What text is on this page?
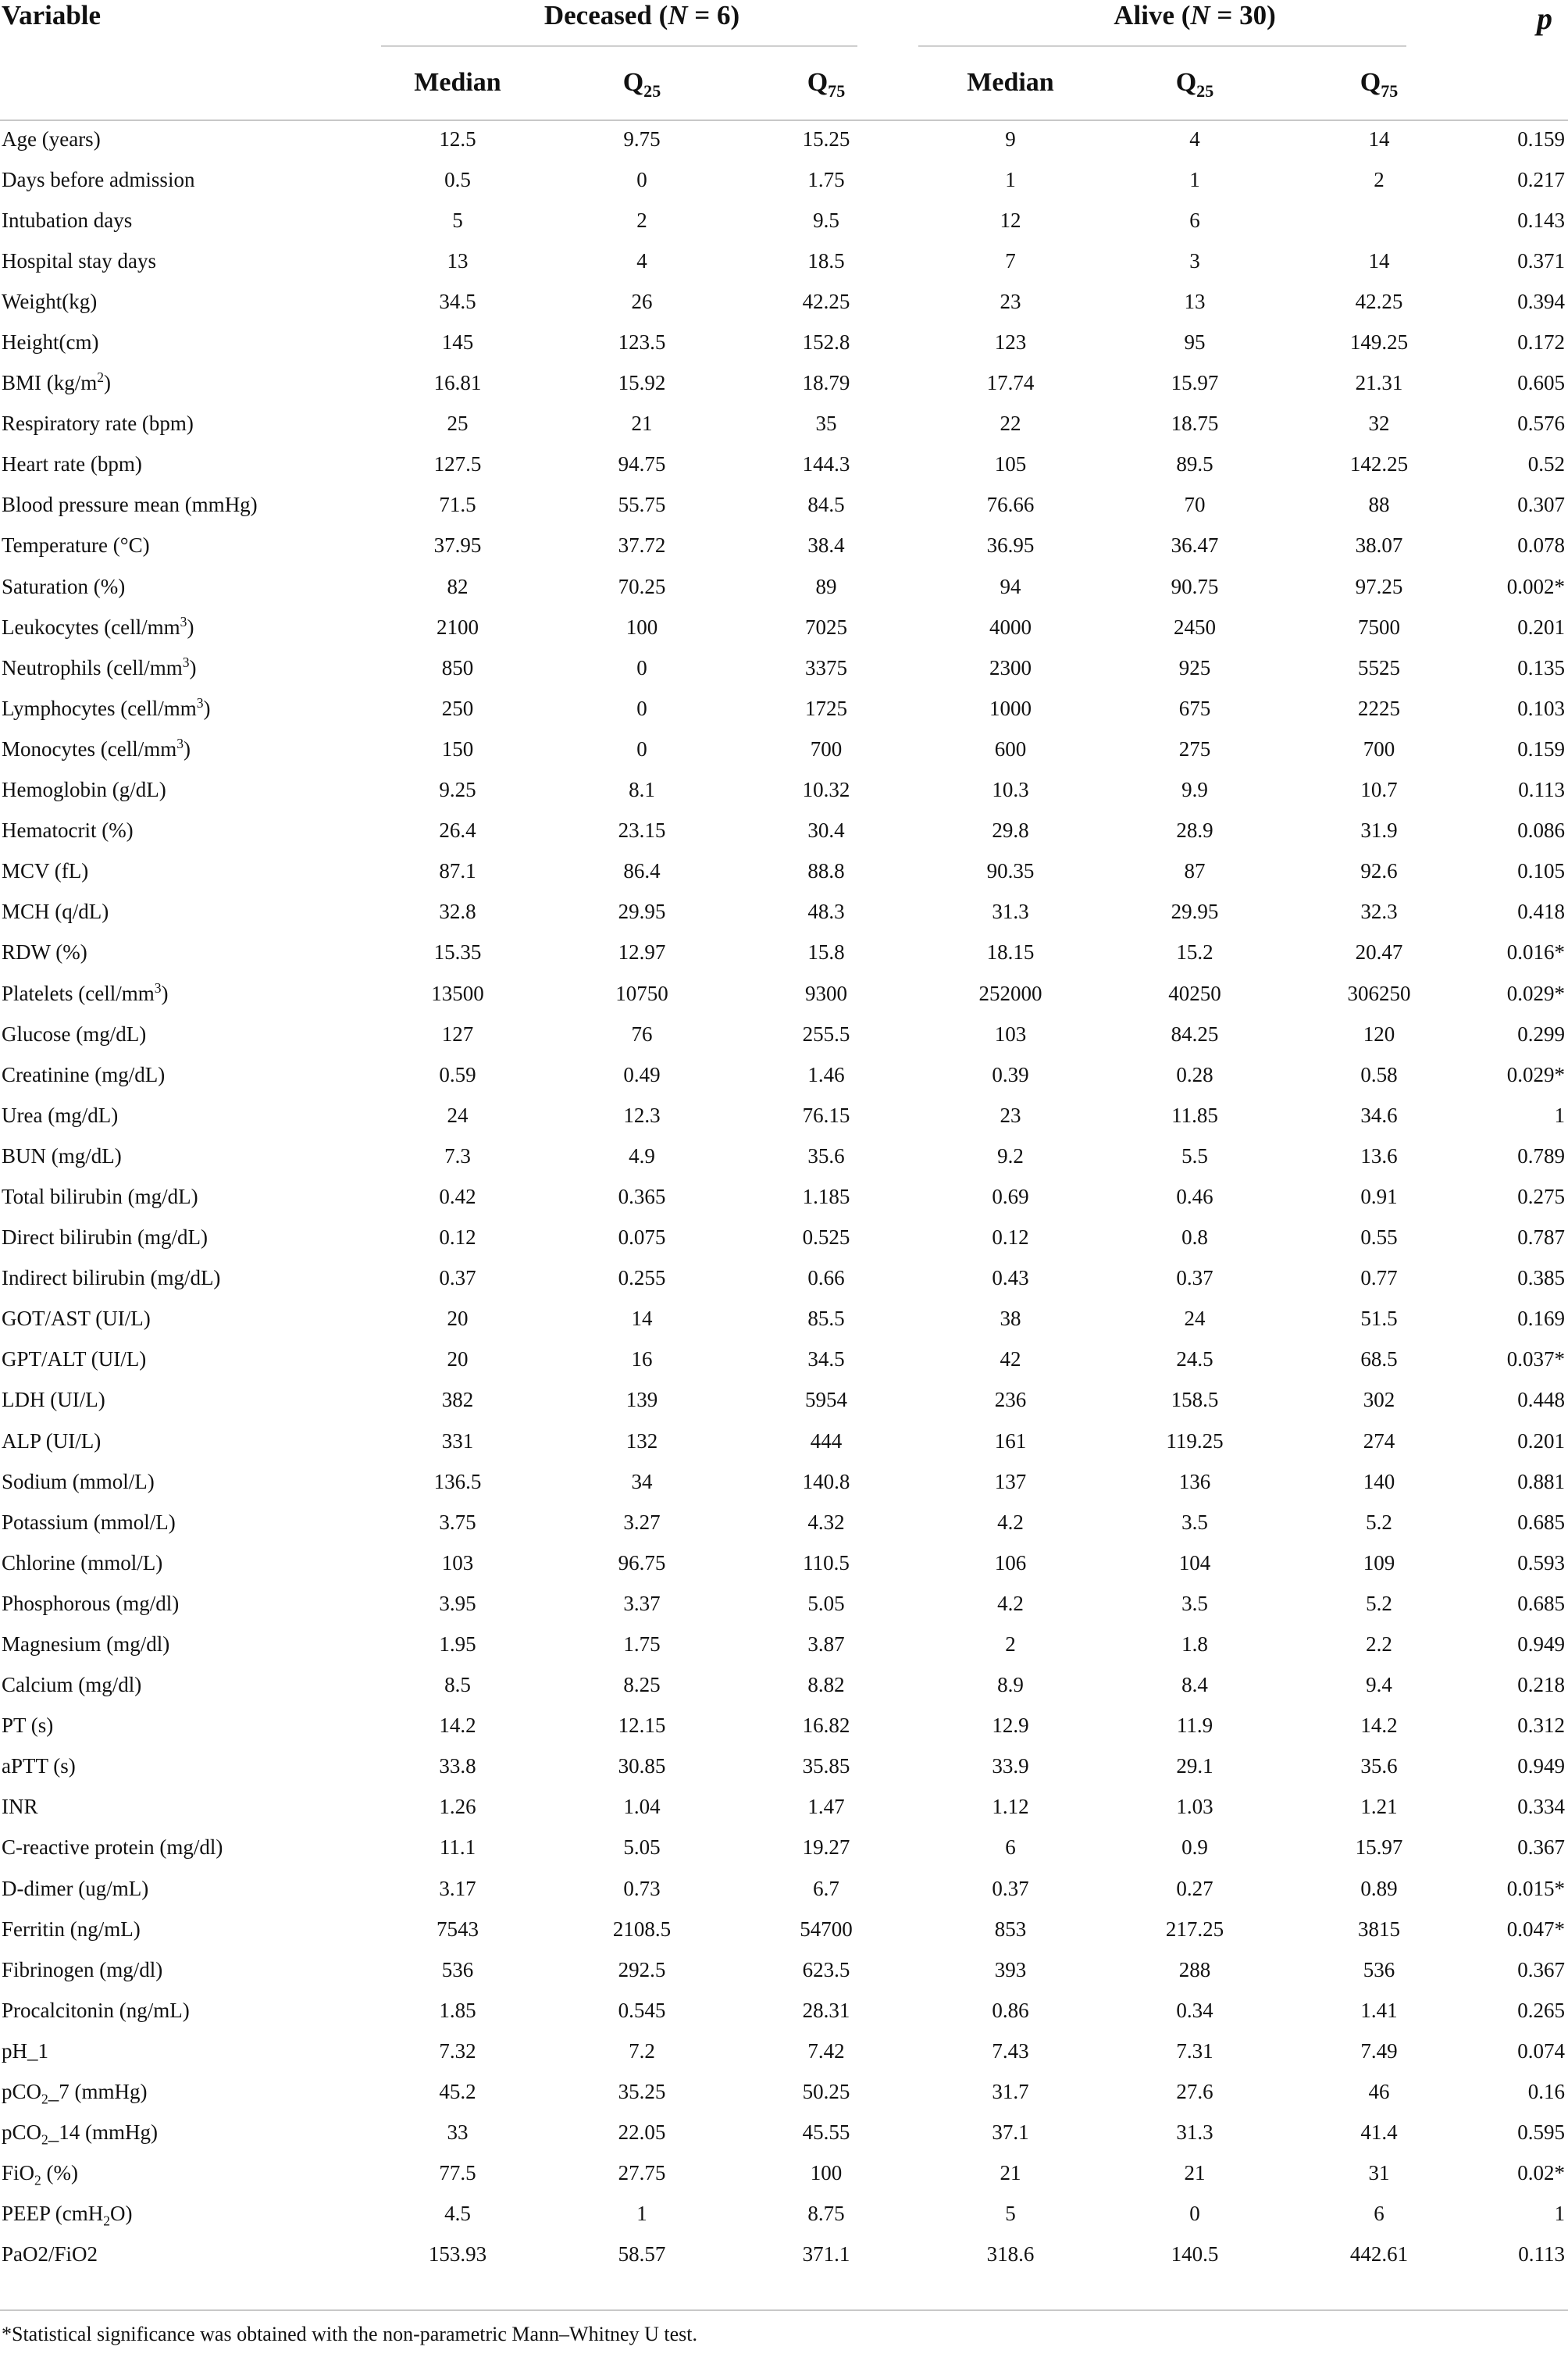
Variable	Deceased (N = 6)			Alive (N = 30)			p
	Median	$Q_{25}$	$Q_{75}$	Median	$Q_{25}$	$Q_{75}$	
Age (years)	12.5	9.75	15.25	9	4	14	0.159
Days before admission	0.5	0	1.75	1	1	2	0.217
Intubation days	5	2	9.5	12	6		0.143
Hospital stay days	13	4	18.5	7	3	14	0.371
Weight(kg)	34.5	26	42.25	23	13	42.25	0.394
Height(cm)	145	123.5	152.8	123	95	149.25	0.172
BMI $(kg/m^2)$	16.81	15.92	18.79	17.74	15.97	21.31	0.605
Respiratory rate (bpm)	25	21	35	22	18.75	32	0.576
Heart rate (bpm)	127.5	94.75	144.3	105	89.5	142.25	0.52
Blood pressure mean (mmHg)	71.5	55.75	84.5	76.66	70	88	0.307
Temperature (°C)	37.95	37.72	38.4	36.95	36.47	38.07	0.078
Saturation (%)	82	70.25	89	94	90.75	97.25	0.002*
Leukocytes $(cell/mm^3)$	2100	100	7025	4000	2450	7500	0.201
Neutrophils $(cell/mm^3)$	850	0	3375	2300	925	5525	0.135
Lymphocytes $(cell/mm^3)$	250	0	1725	1000	675	2225	0.103
Monocytes $(cell/mm^3)$	150	0	700	600	275	700	0.159
Hemoglobin (g/dL)	9.25	8.1	10.32	10.3	9.9	10.7	0.113
Hematocrit (%)	26.4	23.15	30.4	29.8	28.9	31.9	0.086
MCV (fL)	87.1	86.4	88.8	90.35	87	92.6	0.105
MCH (q/dL)	32.8	29.95	48.3	31.3	29.95	32.3	0.418
RDW (%)	15.35	12.97	15.8	18.15	15.2	20.47	0.016*
Platelets $(cell/mm^3)$	13500	10750	9300	252000	40250	306250	0.029*
Glucose (mg/dL)	127	76	255.5	103	84.25	120	0.299
Creatinine (mg/dL)	0.59	0.49	1.46	0.39	0.28	0.58	0.029*
Urea (mg/dL)	24	12.3	76.15	23	11.85	34.6	1
BUN (mg/dL)	7.3	4.9	35.6	9.2	5.5	13.6	0.789
Total bilirubin (mg/dL)	0.42	0.365	1.185	0.69	0.46	0.91	0.275
Direct bilirubin (mg/dL)	0.12	0.075	0.525	0.12	0.8	0.55	0.787
Indirect bilirubin (mg/dL)	0.37	0.255	0.66	0.43	0.37	0.77	0.385
GOT/AST (UI/L)	20	14	85.5	38	24	51.5	0.169
GPT/ALT (UI/L)	20	16	34.5	42	24.5	68.5	0.037*
LDH (UI/L)	382	139	5954	236	158.5	302	0.448
ALP (UI/L)	331	132	444	161	119.25	274	0.201
Sodium (mmol/L)	136.5	34	140.8	137	136	140	0.881
Potassium (mmol/L)	3.75	3.27	4.32	4.2	3.5	5.2	0.685
Chlorine (mmol/L)	103	96.75	110.5	106	104	109	0.593
Phosphorous (mg/dl)	3.95	3.37	5.05	4.2	3.5	5.2	0.685
Magnesium (mg/dl)	1.95	1.75	3.87	2	1.8	2.2	0.949
Calcium (mg/dl)	8.5	8.25	8.82	8.9	8.4	9.4	0.218
PT (s)	14.2	12.15	16.82	12.9	11.9	14.2	0.312
aPTT (s)	33.8	30.85	35.85	33.9	29.1	35.6	0.949
INR	1.26	1.04	1.47	1.12	1.03	1.21	0.334
C-reactive protein (mg/dl)	11.1	5.05	19.27	6	0.9	15.97	0.367
D-dimer (ug/mL)	3.17	0.73	6.7	0.37	0.27	0.89	0.015*
Ferritin (ng/mL)	7543	2108.5	54700	853	217.25	3815	0.047*
Fibrinogen (mg/dl)	536	292.5	623.5	393	288	536	0.367
Procalcitonin (ng/mL)	1.85	0.545	28.31	0.86	0.34	1.41	0.265
pH_1	7.32	7.2	7.42	7.43	7.31	7.49	0.074
pCO$_2$_7 (mmHg)	45.2	35.25	50.25	31.7	27.6	46	0.16
pCO$_2$_14 (mmHg)	33	22.05	45.55	37.1	31.3	41.4	0.595
FiO$_2$ (%)	77.5	27.75	100	21	21	31	0.02*
PEEP (cmH$_2$O)	4.5	1	8.75	5	0	6	1
PaO2/FiO2	153.93	58.57	371.1	318.6	140.5	442.61	0.113
*Statistical significance was obtained with the non-parametric Mann–Whitney U test.
